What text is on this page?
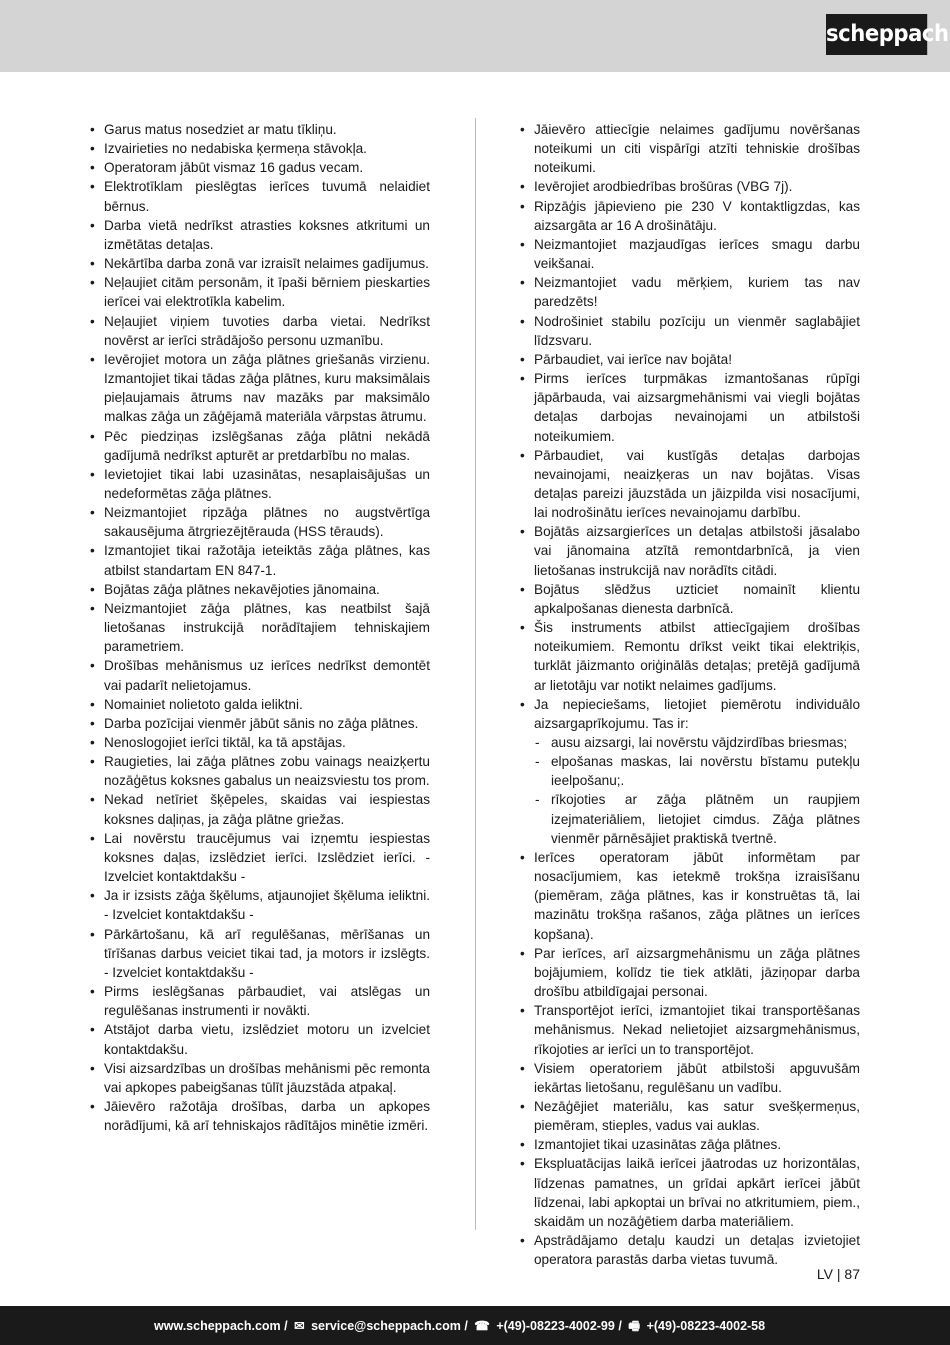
scheppach
• Garus matus nosedziet ar matu tīkliņu.
• Izvairieties no nedabiska ķermeņa stāvokļa.
• Operatoram jābūt vismaz 16 gadus vecam.
• Elektrotīklam pieslēgtas ierīces tuvumā nelaidiet bērnus.
• Darba vietā nedrīkst atrasties koksnes atkritumi un izmētātas detaļas.
• Nekārtība darba zonā var izraisīt nelaimes gadījumus.
• Neļaujiet citām personām, it īpaši bērniem pieskarties ierīcei vai elektrotīkla kabelim.
• Neļaujiet viņiem tuvoties darba vietai. Nedrīkst novērst ar ierīci strādājošo personu uzmanību.
• Ievērojiet motora un zāģa plātnes griešanās virzienu. Izmantojiet tikai tādas zāģa plātnes, kuru maksimālais pieļaujamais ātrums nav mazāks par maksimālo malkas zāģa un zāģējamā materiāla vārpstas ātrumu.
• Pēc piedziņas izslēgšanas zāģa plātni nekādā gadījumā nedrīkst apturēt ar pretdarbību no malas.
• Ievietojiet tikai labi uzasinātas, nesaplaisājušas un nedeformētas zāģa plātnes.
• Neizmantojiet ripzāģa plātnes no augstvērtīga sakausējuma ātrgriezējtērauda (HSS tērauds).
• Izmantojiet tikai ražotāja ieteiktās zāģa plātnes, kas atbilst standartam EN 847-1.
• Bojātas zāģa plātnes nekavējoties jānomaina.
• Neizmantojiet zāģa plātnes, kas neatbilst šajā lietošanas instrukcijā norādītajiem tehniskajiem parametriem.
• Drošības mehānismus uz ierīces nedrīkst demontēt vai padarīt nelietojamus.
• Nomainiet nolietoto galda ieliktni.
• Darba pozīcijai vienmēr jābūt sānis no zāģa plātnes.
• Nenoslogojiet ierīci tiktāl, ka tā apstājas.
• Raugieties, lai zāģa plātnes zobu vainags neaizķertu nozāģētus koksnes gabalus un neaizsviestu tos prom.
• Nekad netīriet šķēpeles, skaidas vai iespiestas koksnes daļiņas, ja zāģa plātne griežas.
• Lai novērstu traucējumus vai izņemtu iespiestas koksnes daļas, izslēdziet ierīci. Izslēdziet ierīci. - Izvelciet kontaktdakšu -
• Ja ir izsists zāģa šķēlums, atjaunojiet šķēluma ieliktni. - Izvelciet kontaktdakšu -
• Pārkārtošanu, kā arī regulēšanas, mērīšanas un tīrīšanas darbus veiciet tikai tad, ja motors ir izslēgts. - Izvelciet kontaktdakšu -
• Pirms ieslēgšanas pārbaudiet, vai atslēgas un regulēšanas instrumenti ir novākti.
• Atstājot darba vietu, izslēdziet motoru un izvelciet kontaktdakšu.
• Visi aizsardzības un drošības mehānismi pēc remonta vai apkopes pabeigšanas tūlīt jāuzstāda atpakaļ.
• Jāievēro ražotāja drošības, darba un apkopes norādījumi, kā arī tehniskajos rādītājos minētie izmēri.
• Jāievēro attiecīgie nelaimes gadījumu novēršanas noteikumi un citi vispārīgi atzīti tehniskie drošības noteikumi.
• Ievērojiet arodbiedrības brošūras (VBG 7j).
• Ripzāģis jāpievieno pie 230 V kontaktligzdas, kas aizsargāta ar 16 A drošinātāju.
• Neizmantojiet mazjaudīgas ierīces smagu darbu veikšanai.
• Neizmantojiet vadu mērķiem, kuriem tas nav paredzēts!
• Nodrošiniet stabilu pozīciju un vienmēr saglabājiet līdzsvaru.
• Pārbaudiet, vai ierīce nav bojāta!
• Pirms ierīces turpmākas izmantošanas rūpīgi jāpārbauda, vai aizsargmehānismi vai viegli bojātas detaļas darbojas nevainojami un atbilstoši noteikumiem.
• Pārbaudiet, vai kustīgās detaļas darbojas nevainojami, neaizķeras un nav bojātas. Visas detaļas pareizi jāuzstāda un jāizpilda visi nosacījumi, lai nodrošinātu ierīces nevainojamu darbību.
• Bojātās aizsargierīces un detaļas atbilstoši jāsalabo vai jānomaina atzītā remontdarbnīcā, ja vien lietošanas instrukcijā nav norādīts citādi.
• Bojātus slēdžus uzticiet nomainīt klientu apkalpošanas dienesta darbnīcā.
• Šis instruments atbilst attiecīgajiem drošības noteikumiem. Remontu drīkst veikt tikai elektriķis, turklāt jāizmanto oriģinālās detaļas; pretējā gadījumā ar lietotāju var notikt nelaimes gadījums.
• Ja nepieciešams, lietojiet piemērotu individuālo aizsargaprīkojumu. Tas ir:
- ausu aizsargi, lai novērstu vājdzirdības briesmas;
- elpošanas maskas, lai novērstu bīstamu putekļu ieelpošanu;.
- rīkojoties ar zāģa plātnēm un raupjiem izejmateriāliem, lietojiet cimdus. Zāģa plātnes vienmēr pārnēsājiet praktiskā tvertnē.
• Ierīces operatoram jābūt informētam par nosacījumiem, kas ietekmē trokšņa izraisīšanu (piemēram, zāģa plātnes, kas ir konstruētas tā, lai mazinātu trokšņa rašanos, zāģa plātnes un ierīces kopšana).
• Par ierīces, arī aizsargmehānismu un zāģa plātnes bojājumiem, kolīdz tie tiek atklāti, jāziņopar darba drošību atbildīgajai personai.
• Transportējot ierīci, izmantojiet tikai transportēšanas mehānismus. Nekad nelietojiet aizsargmehānismus, rīkojoties ar ierīci un to transportējot.
• Visiem operatoriem jābūt atbilstoši apguvušām iekārtas lietošanu, regulēšanu un vadību.
• Nezāģējiet materiālu, kas satur svešķermeņus, piemēram, stieples, vadus vai auklas.
• Izmantojiet tikai uzasinātas zāģa plātnes.
• Ekspluatācijas laikā ierīcei jāatrodas uz horizontālas, līdzenas pamatnes, un grīdai apkārt ierīcei jābūt līdzenai, labi apkoptai un brīvai no atkritumiem, piem., skaidām un nozāģētiem darba materiāliem.
• Apstrādājamo detaļu kaudzi un detaļas izvietojiet operatora parastās darba vietas tuvumā.
LV | 87
www.scheppach.com / ✉ service@scheppach.com / ☎ +(49)-08223-4002-99 / 🖷 +(49)-08223-4002-58
